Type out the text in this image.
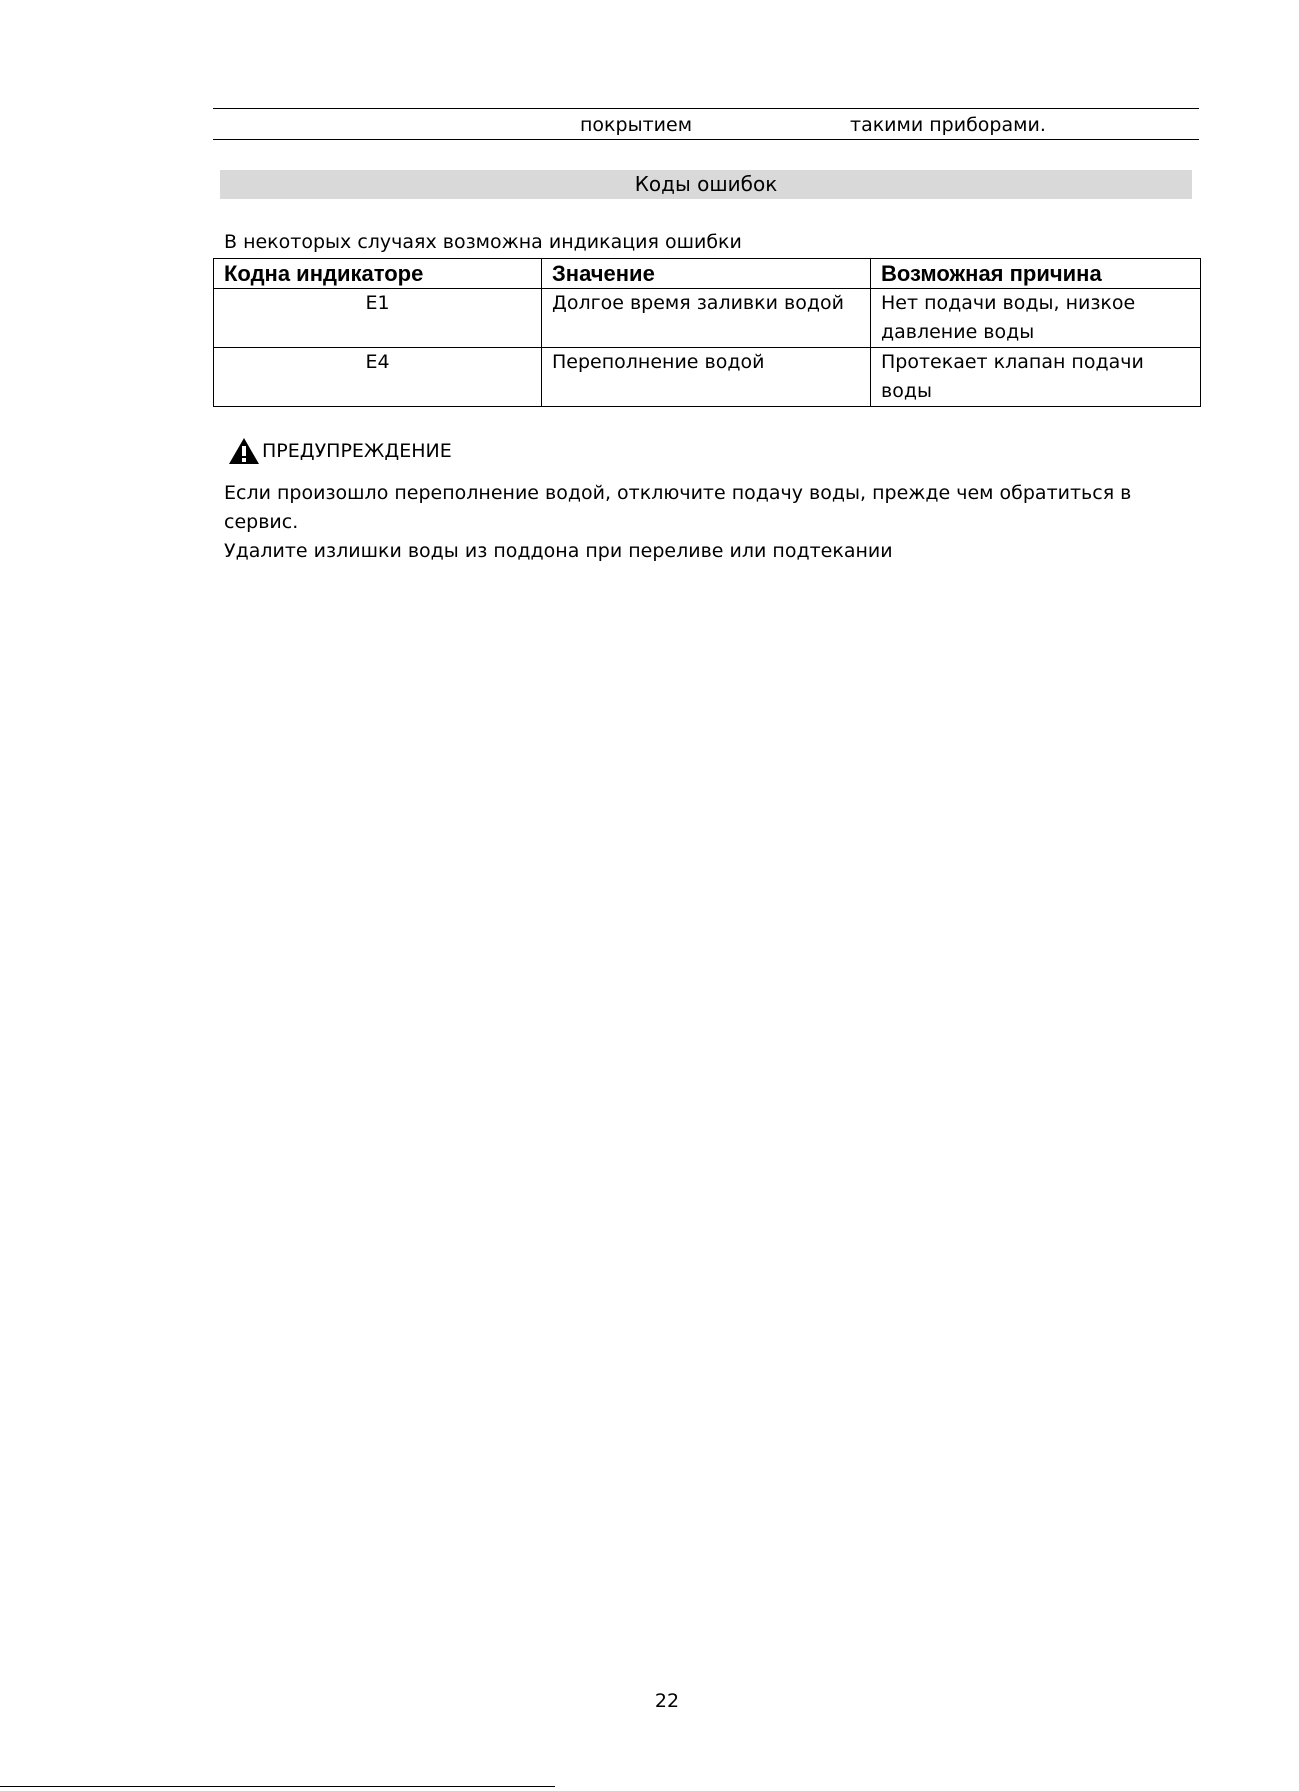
покрытием	такими приборами.
Коды ошибок
В некоторых случаях возможна индикация ошибки
Кодна индикаторе	Значение	Возможная причина
E1	Долгое время заливки водой	Нет подачи воды, низкое давление воды
E4	Переполнение водой	Протекает клапан подачи воды
ПРЕДУПРЕЖДЕНИЕ

Если произошло переполнение водой, отключите подачу воды, прежде чем обратиться в сервис.

Удалите излишки воды из поддона при переливе или подтекании

22
